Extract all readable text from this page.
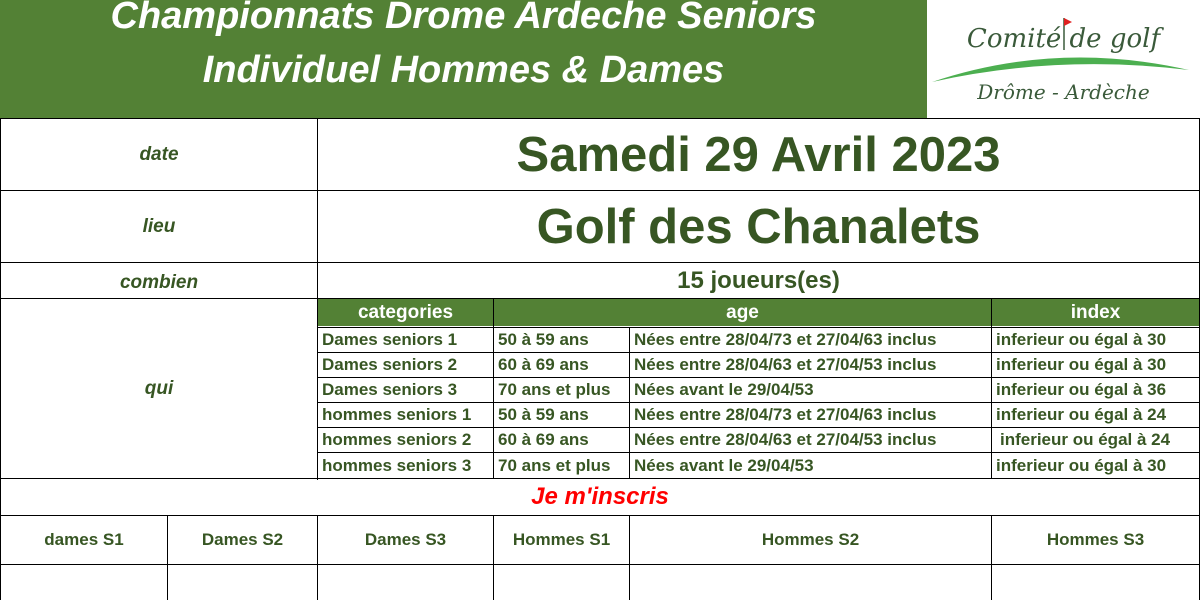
Championnats Drome Ardeche Seniors
Individuel Hommes & Dames
Comité de golf
Drôme - Ardèche
date	Samedi 29 Avril 2023
lieu	Golf des Chanalets
combien	15 joueurs(es)
qui
categories	age	index
Dames seniors 1	50 à 59 ans	Nées entre 28/04/73 et 27/04/63 inclus	inferieur ou égal à 30
Dames seniors 2	60 à 69 ans	Nées entre 28/04/63 et 27/04/53 inclus	inferieur ou égal à 30
Dames seniors 3	70 ans et plus	Nées avant le 29/04/53	inferieur ou égal à 36
hommes seniors 1	50 à 59 ans	Nées entre 28/04/73 et 27/04/63 inclus	inferieur ou égal à 24
hommes seniors 2	60 à 69 ans	Nées entre 28/04/63 et 27/04/53 inclus	inferieur ou égal à 24
hommes seniors 3	70 ans et plus	Nées avant le 29/04/53	inferieur ou égal à 30
Je m'inscris
dames S1	Dames S2	Dames S3	Hommes S1	Hommes S2	Hommes S3
